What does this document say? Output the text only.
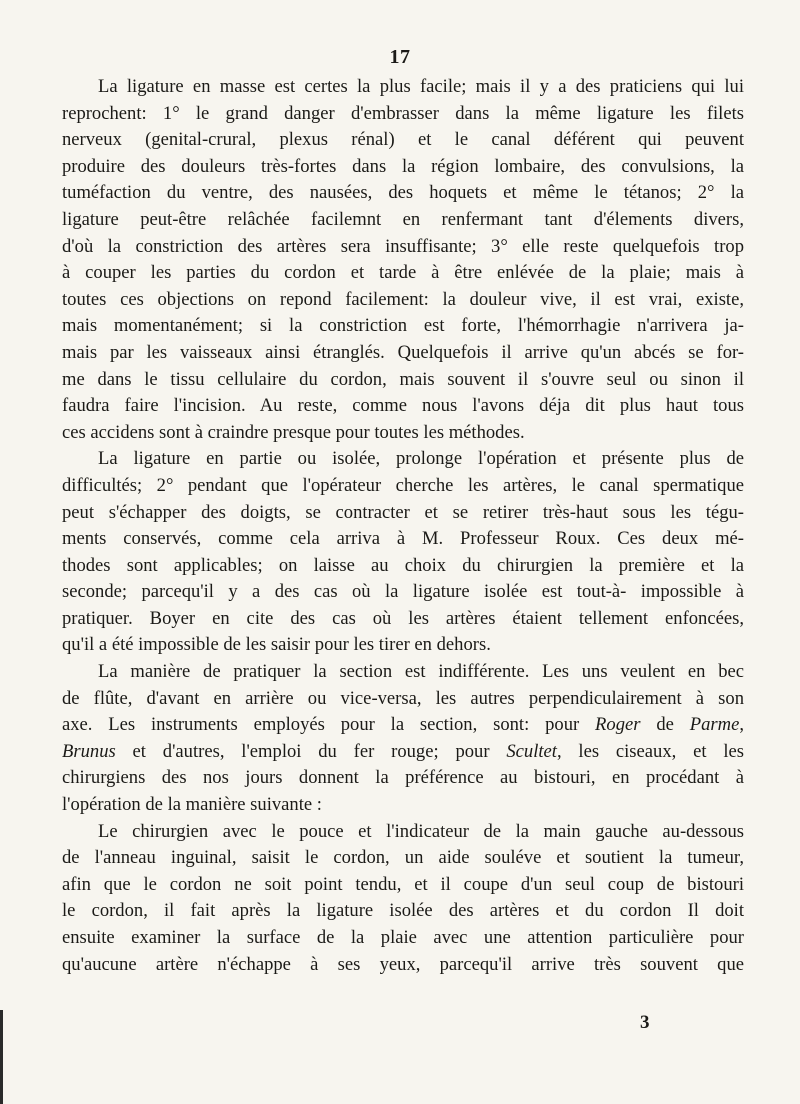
17
La ligature en masse est certes la plus facile; mais il y a des praticiens qui lui
reprochent: 1° le grand danger d'embrasser dans la même ligature les filets
nerveux (genital-crural, plexus rénal) et le canal déférent qui peuvent
produire des douleurs très-fortes dans la région lombaire, des convulsions, la
tuméfaction du ventre, des nausées, des hoquets et même le tétanos; 2° la
ligature peut-être relâchée facilemnt en renfermant tant d'élements divers,
d'où la constriction des artères sera insuffisante; 3° elle reste quelquefois trop
à couper les parties du cordon et tarde à être enlévée de la plaie; mais à
toutes ces objections on repond facilement: la douleur vive, il est vrai, existe,
mais momentanément; si la constriction est forte, l'hémorrhagie n'arrivera ja-
mais par les vaisseaux ainsi étranglés. Quelquefois il arrive qu'un abcés se for-
me dans le tissu cellulaire du cordon, mais souvent il s'ouvre seul ou sinon il
faudra faire l'incision. Au reste, comme nous l'avons déja dit plus haut tous
ces accidens sont à craindre presque pour toutes les méthodes.
La ligature en partie ou isolée, prolonge l'opération et présente plus de
difficultés; 2° pendant que l'opérateur cherche les artères, le canal spermatique
peut s'échapper des doigts, se contracter et se retirer très-haut sous les tégu-
ments conservés, comme cela arriva à M. Professeur Roux. Ces deux mé-
thodes sont applicables; on laisse au choix du chirurgien la première et la
seconde; parcequ'il y a des cas où la ligature isolée est tout-à- impossible à
pratiquer. Boyer en cite des cas où les artères étaient tellement enfoncées,
qu'il a été impossible de les saisir pour les tirer en dehors.
La manière de pratiquer la section est indifférente. Les uns veulent en bec
de flûte, d'avant en arrière ou vice-versa, les autres perpendiculairement à son
axe. Les instruments employés pour la section, sont: pour Roger de Parme,
Brunus et d'autres, l'emploi du fer rouge; pour Scultet, les ciseaux, et les
chirurgiens des nos jours donnent la préférence au bistouri, en procédant à
l'opération de la manière suivante :
Le chirurgien avec le pouce et l'indicateur de la main gauche au-dessous
de l'anneau inguinal, saisit le cordon, un aide souléve et soutient la tumeur,
afin que le cordon ne soit point tendu, et il coupe d'un seul coup de bistouri
le cordon, il fait après la ligature isolée des artères et du cordon Il doit
ensuite examiner la surface de la plaie avec une attention particulière pour
qu'aucune artère n'échappe à ses yeux, parcequ'il arrive très souvent que
3
